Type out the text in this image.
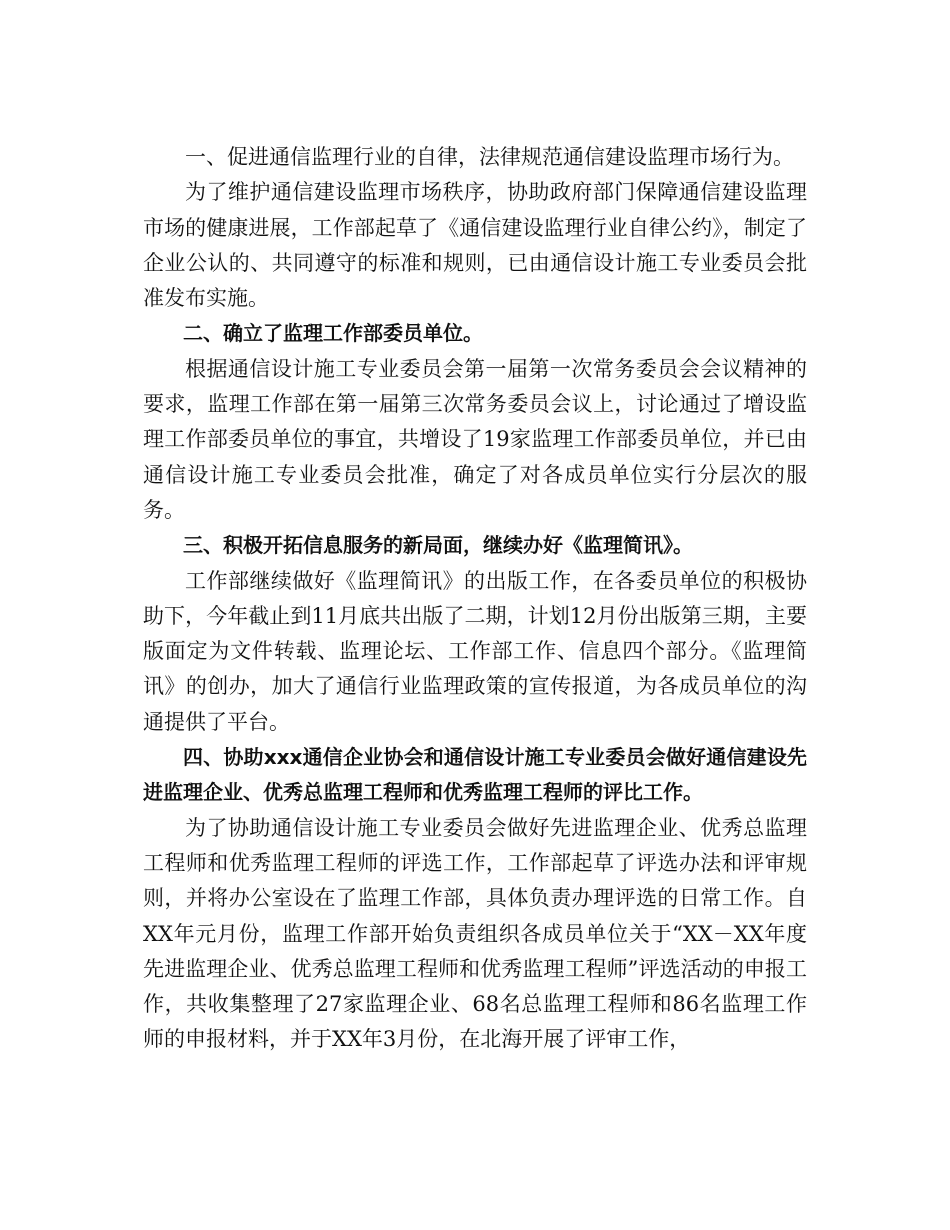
一、促进通信监理行业的自律，法律规范通信建设监理市场行为。

为了维护通信建设监理市场秩序，协助政府部门保障通信建设监理市场的健康进展，工作部起草了《通信建设监理行业自律公约》，制定了企业公认的、共同遵守的标准和规则，已由通信设计施工专业委员会批准发布实施。

二、确立了监理工作部委员单位。

根据通信设计施工专业委员会第一届第一次常务委员会会议精神的要求，监理工作部在第一届第三次常务委员会议上，讨论通过了增设监理工作部委员单位的事宜，共增设了19家监理工作部委员单位，并已由通信设计施工专业委员会批准，确定了对各成员单位实行分层次的服务。

三、积极开拓信息服务的新局面，继续办好《监理简讯》。

工作部继续做好《监理简讯》的出版工作，在各委员单位的积极协助下，今年截止到11月底共出版了二期，计划12月份出版第三期，主要版面定为文件转载、监理论坛、工作部工作、信息四个部分。《监理简讯》的创办，加大了通信行业监理政策的宣传报道，为各成员单位的沟通提供了平台。

四、协助xxx通信企业协会和通信设计施工专业委员会做好通信建设先进监理企业、优秀总监理工程师和优秀监理工程师的评比工作。

为了协助通信设计施工专业委员会做好先进监理企业、优秀总监理工程师和优秀监理工程师的评选工作，工作部起草了评选办法和评审规则，并将办公室设在了监理工作部，具体负责办理评选的日常工作。自XX年元月份，监理工作部开始负责组织各成员单位关于“XX－XX年度先进监理企业、优秀总监理工程师和优秀监理工程师”评选活动的申报工作，共收集整理了27家监理企业、68名总监理工程师和86名监理工作师的申报材料，并于XX年3月份，在北海开展了评审工作，
